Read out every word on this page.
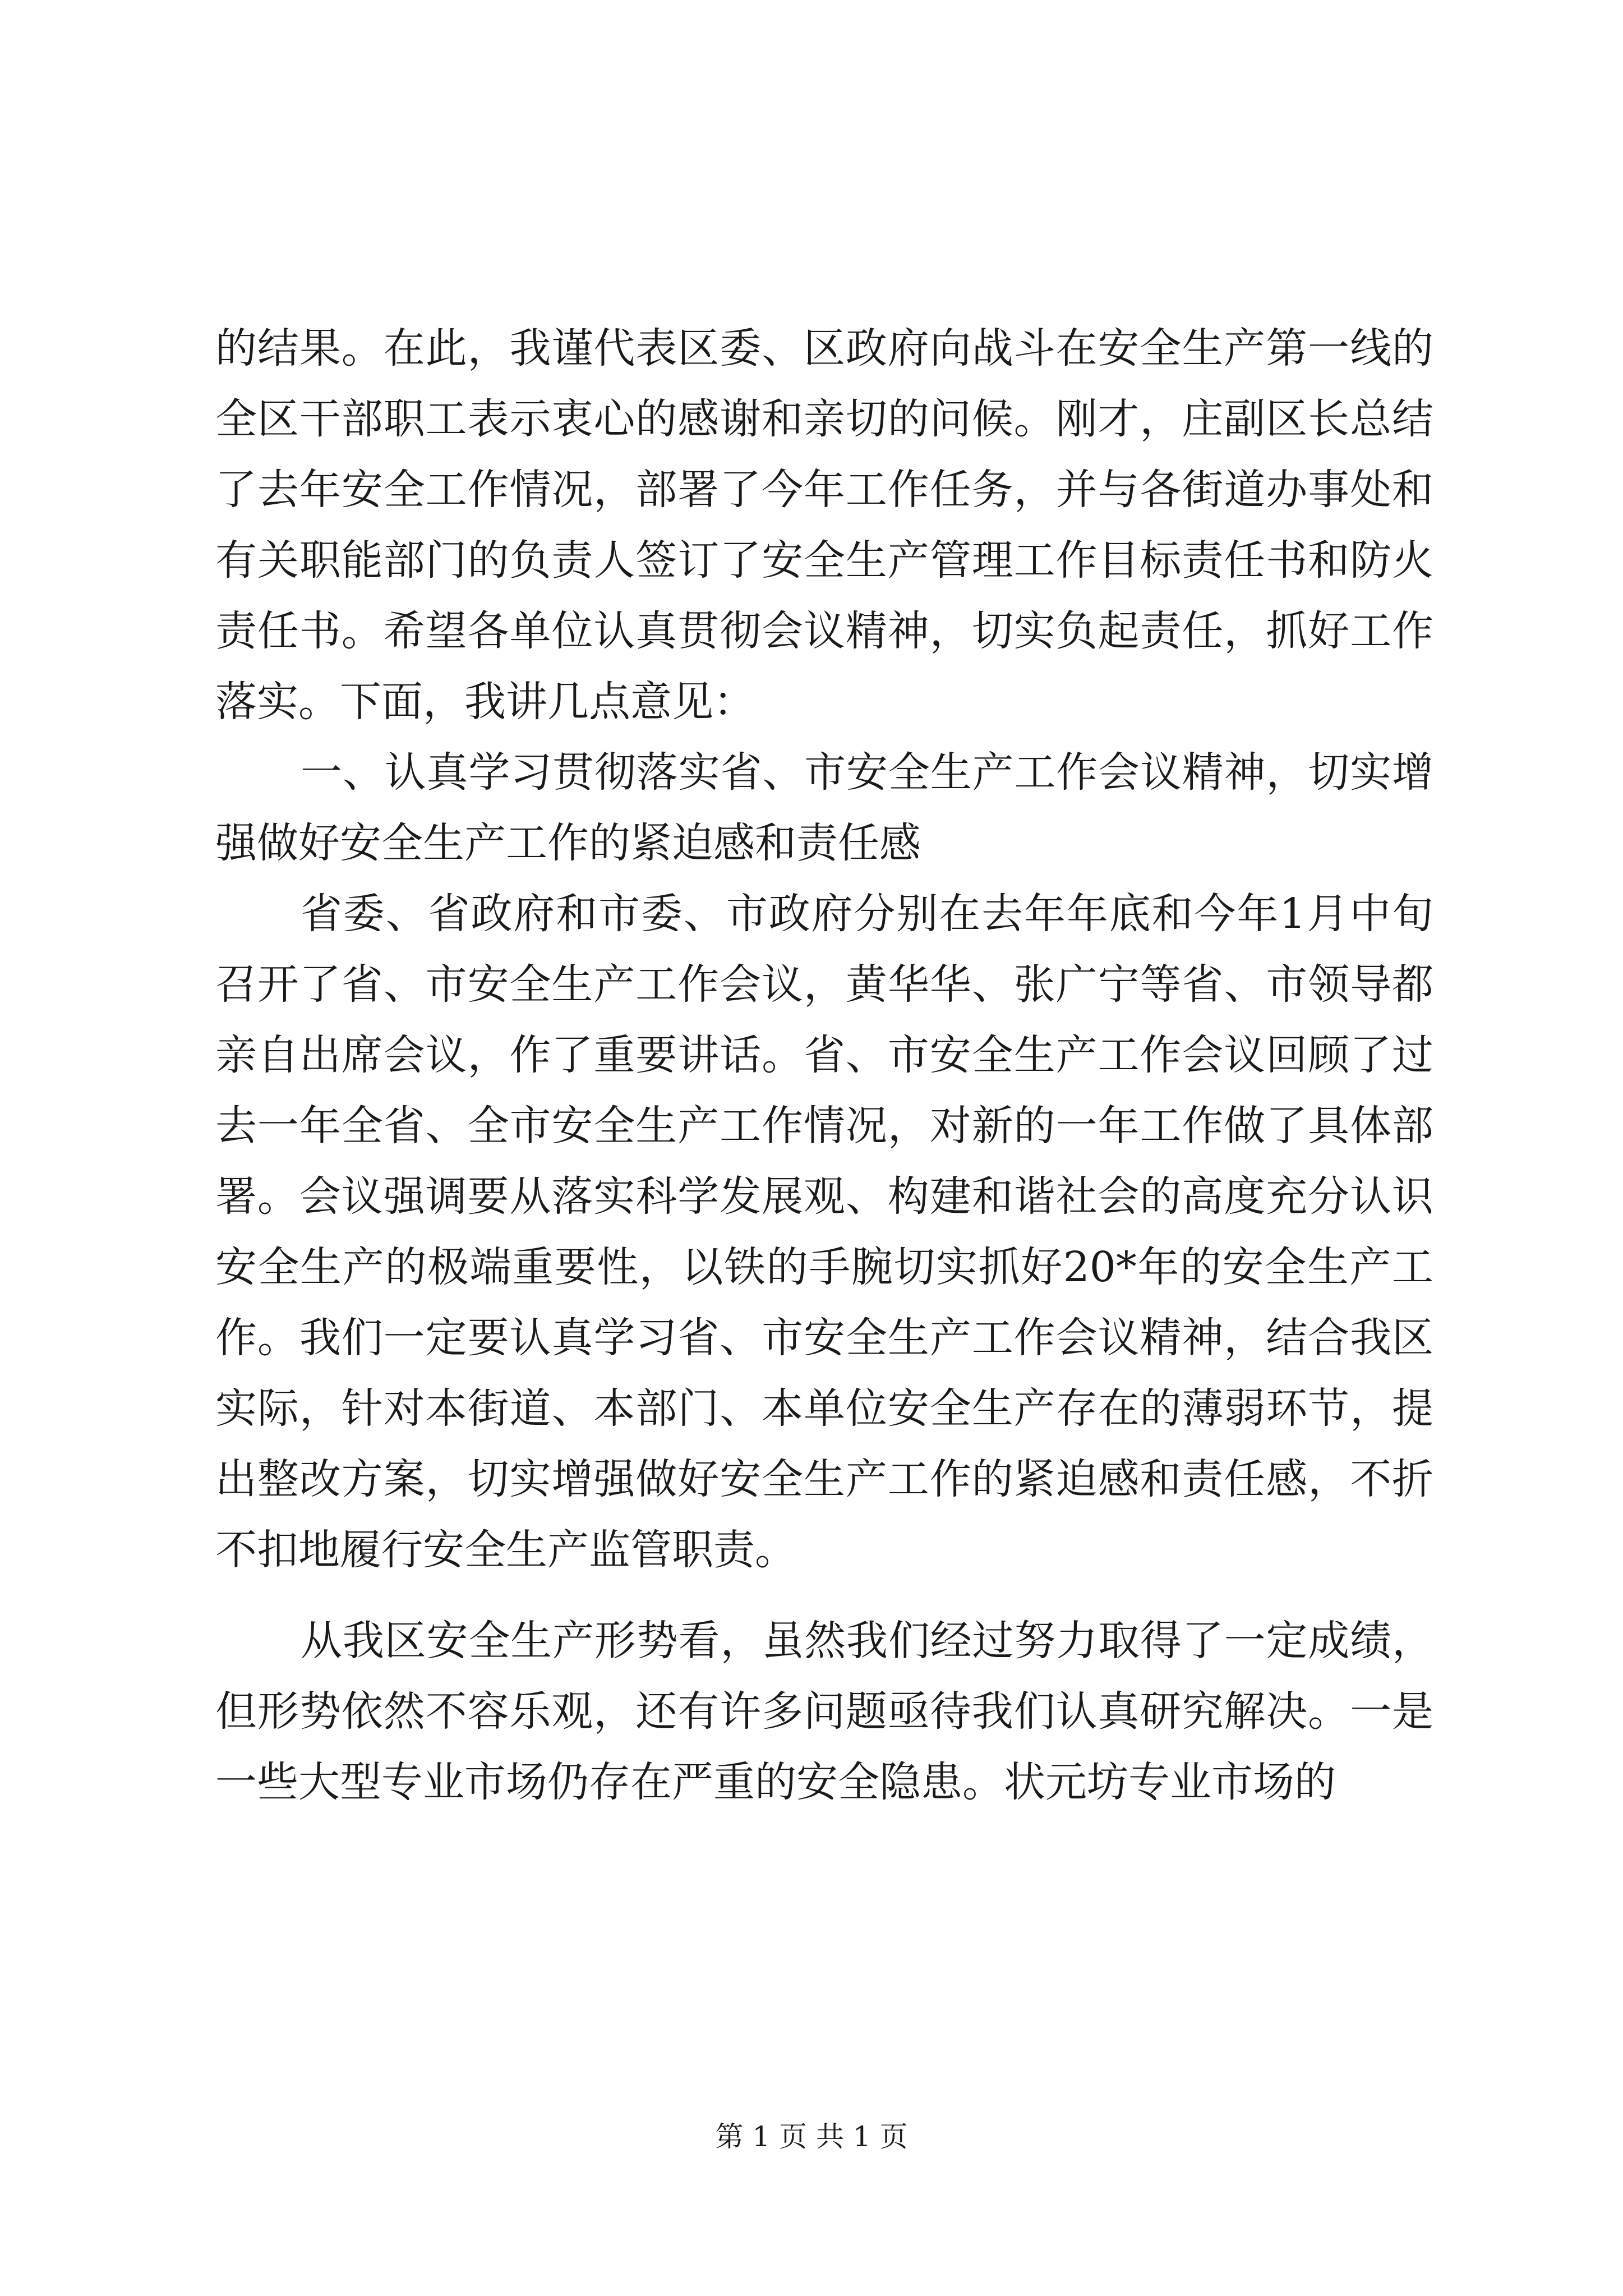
的结果。在此，我谨代表区委、区政府向战斗在安全生产第一线的全区干部职工表示衷心的感谢和亲切的问候。刚才，庄副区长总结了去年安全工作情况，部署了今年工作任务，并与各街道办事处和有关职能部门的负责人签订了安全生产管理工作目标责任书和防火责任书。希望各单位认真贯彻会议精神，切实负起责任，抓好工作落实。下面，我讲几点意见：

一、认真学习贯彻落实省、市安全生产工作会议精神，切实增强做好安全生产工作的紧迫感和责任感

省委、省政府和市委、市政府分别在去年年底和今年1月中旬召开了省、市安全生产工作会议，黄华华、张广宁等省、市领导都亲自出席会议，作了重要讲话。省、市安全生产工作会议回顾了过去一年全省、全市安全生产工作情况，对新的一年工作做了具体部署。会议强调要从落实科学发展观、构建和谐社会的高度充分认识安全生产的极端重要性，以铁的手腕切实抓好20*年的安全生产工作。我们一定要认真学习省、市安全生产工作会议精神，结合我区实际，针对本街道、本部门、本单位安全生产存在的薄弱环节，提出整改方案，切实增强做好安全生产工作的紧迫感和责任感，不折不扣地履行安全生产监管职责。

从我区安全生产形势看，虽然我们经过努力取得了一定成绩，但形势依然不容乐观，还有许多问题亟待我们认真研究解决。一是一些大型专业市场仍存在严重的安全隐患。状元坊专业市场的

第 1 页 共 1 页
